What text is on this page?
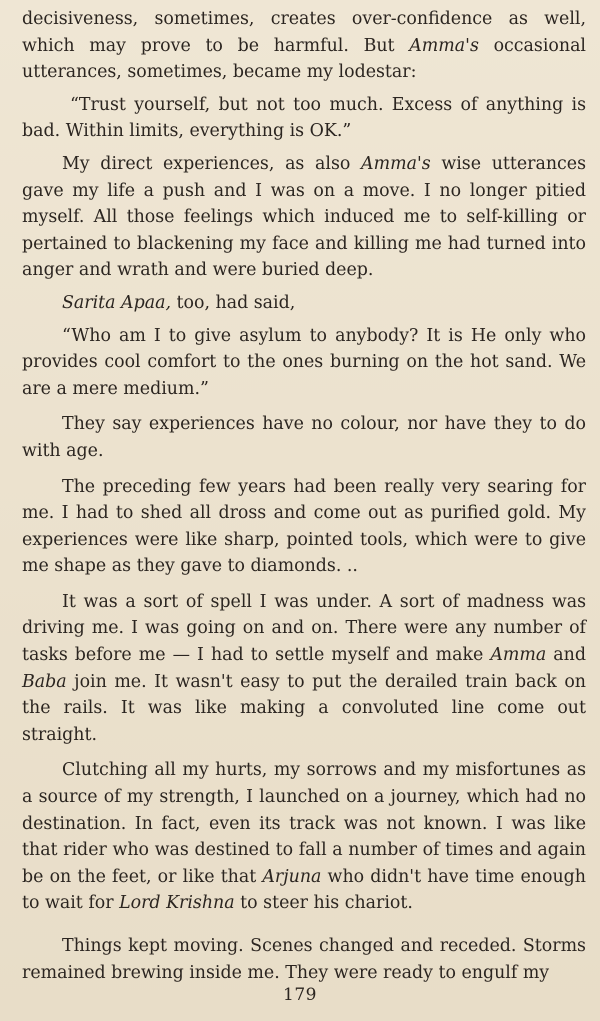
decisiveness, sometimes, creates over-confidence as well, which may prove to be harmful. But Amma's occasional utterances, sometimes, became my lodestar:

“Trust yourself, but not too much. Excess of anything is bad. Within limits, everything is OK.”

My direct experiences, as also Amma's wise utterances gave my life a push and I was on a move. I no longer pitied myself. All those feelings which induced me to self-killing or pertained to blackening my face and killing me had turned into anger and wrath and were buried deep.

Sarita Apaa, too, had said,

“Who am I to give asylum to anybody? It is He only who provides cool comfort to the ones burning on the hot sand. We are a mere medium.”

They say experiences have no colour, nor have they to do with age.

The preceding few years had been really very searing for me. I had to shed all dross and come out as purified gold. My experiences were like sharp, pointed tools, which were to give me shape as they gave to diamonds. ..

It was a sort of spell I was under. A sort of madness was driving me. I was going on and on. There were any number of tasks before me — I had to settle myself and make Amma and Baba join me. It wasn't easy to put the derailed train back on the rails. It was like making a convoluted line come out straight.

Clutching all my hurts, my sorrows and my misfortunes as a source of my strength, I launched on a journey, which had no destination. In fact, even its track was not known. I was like that rider who was destined to fall a number of times and again be on the feet, or like that Arjuna who didn't have time enough to wait for Lord Krishna to steer his chariot.

Things kept moving. Scenes changed and receded. Storms remained brewing inside me. They were ready to engulf my

179
